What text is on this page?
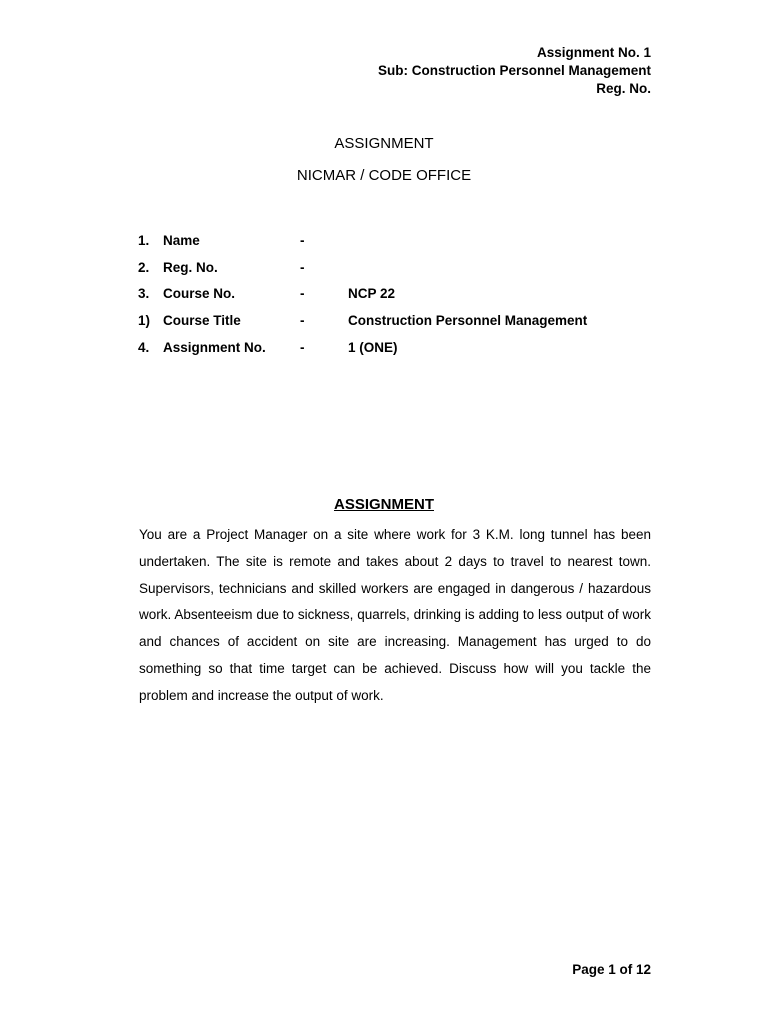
Assignment No. 1
Sub: Construction Personnel Management
Reg. No.
ASSIGNMENT
NICMAR / CODE OFFICE
1.	Name	-
2.	Reg. No.	-
3.	Course No.	-	NCP 22
1) Course Title	-	Construction Personnel Management
4.	Assignment No.	-	1 (ONE)
ASSIGNMENT
You are a Project Manager on a site where work for 3 K.M. long tunnel has been undertaken. The site is remote and takes about 2 days to travel to nearest town. Supervisors, technicians and skilled workers are engaged in dangerous / hazardous work. Absenteeism due to sickness, quarrels, drinking is adding to less output of work and chances of accident on site are increasing. Management has urged to do something so that time target can be achieved. Discuss how will you tackle the problem and increase the output of work.
Page 1 of 12
